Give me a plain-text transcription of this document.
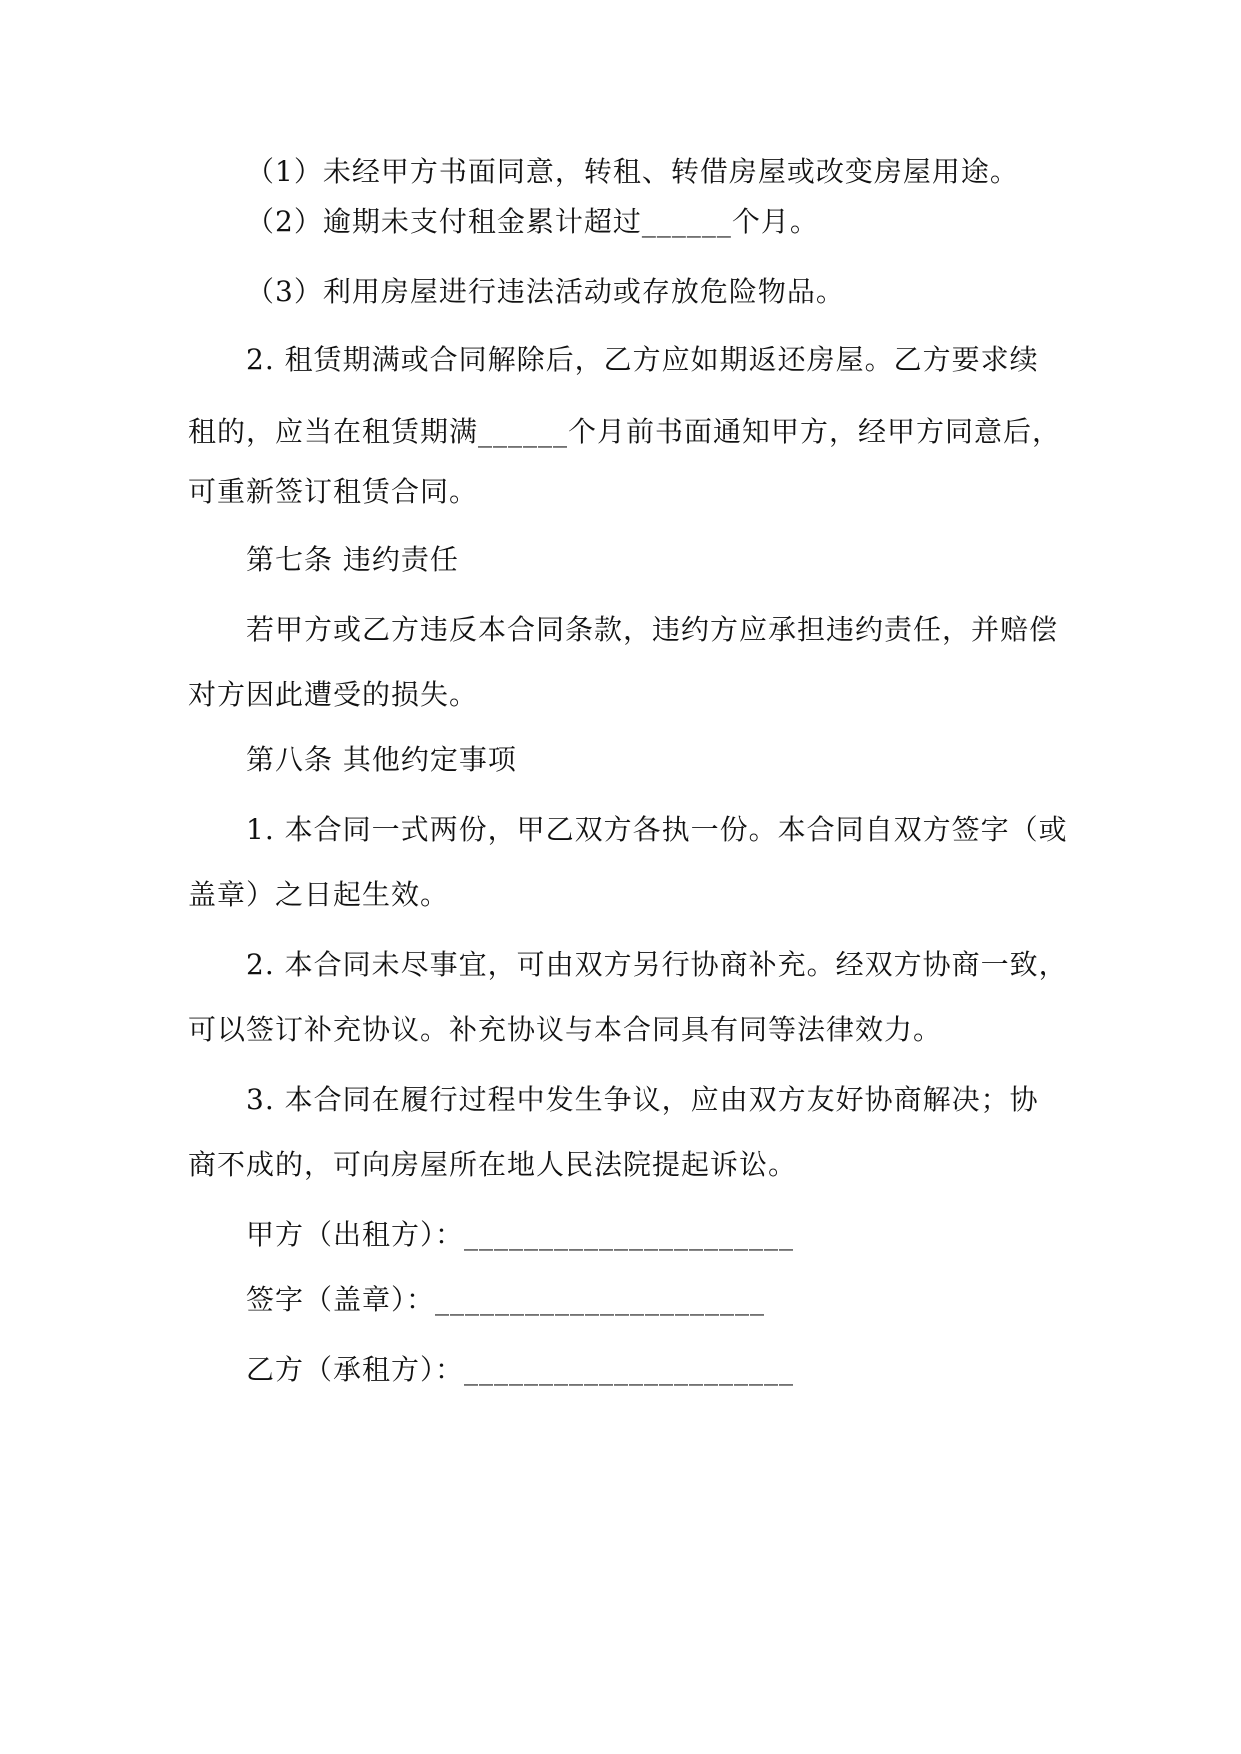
（1）未经甲方书面同意，转租、转借房屋或改变房屋用途。
（2）逾期未支付租金累计超过______个月。
（3）利用房屋进行违法活动或存放危险物品。
2. 租赁期满或合同解除后，乙方应如期返还房屋。乙方要求续
租的，应当在租赁期满______个月前书面通知甲方，经甲方同意后，
可重新签订租赁合同。
第七条 违约责任
若甲方或乙方违反本合同条款，违约方应承担违约责任，并赔偿
对方因此遭受的损失。
第八条 其他约定事项
1. 本合同一式两份，甲乙双方各执一份。本合同自双方签字（或
盖章）之日起生效。
2. 本合同未尽事宜，可由双方另行协商补充。经双方协商一致，
可以签订补充协议。补充协议与本合同具有同等法律效力。
3. 本合同在履行过程中发生争议，应由双方友好协商解决；协
商不成的，可向房屋所在地人民法院提起诉讼。
甲方（出租方）：______________________
签字（盖章）：______________________
乙方（承租方）：______________________
